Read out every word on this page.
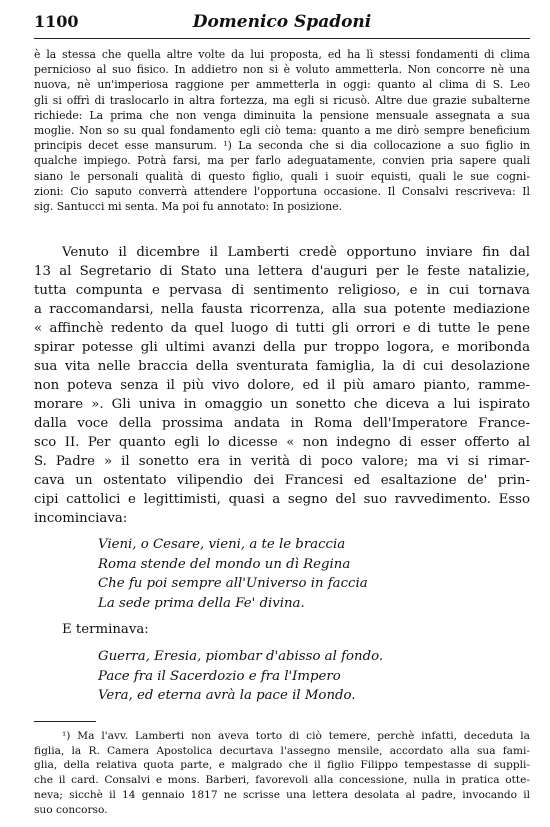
1100	Domenico Spadoni
è la stessa che quella altre volte da lui proposta, ed ha lì stessi fondamenti di clima
pernicioso al suo fisico. In addietro non si è voluto ammetterla. Non concorre nè una
nuova, nè un'imperiosa raggione per ammetterla in oggi: quanto al clima di S. Leo
gli si offrì di traslocarlo in altra fortezza, ma egli si ricusò. Altre due grazie subalterne
richiede: La prima che non venga diminuita la pensione mensuale assegnata a sua
moglie. Non so su qual fondamento egli ciò tema: quanto a me dirò sempre beneficium
principis decet esse mansurum. ¹) La seconda che si dia collocazione a suo figlio in
qualche impiego. Potrà farsi, ma per farlo adeguatamente, convien pria sapere quali
siano le personali qualità di questo figlio, quali i suoir equisti, quali le sue cogni-
zioni: Cio saputo converrà attendere l'opportuna occasione. Il Consalvi rescriveva: Il
sig. Santucci mi senta. Ma poi fu annotato: In posizione.
Venuto il dicembre il Lamberti credè opportuno inviare fin dal
13 al Segretario di Stato una lettera d'auguri per le feste natalizie,
tutta compunta e pervasa di sentimento religioso, e in cui tornava
a raccomandarsi, nella fausta ricorrenza, alla sua potente mediazione
« affinchè redento da quel luogo di tutti gli orrori e di tutte le pene
spirar potesse gli ultimi avanzi della pur troppo logora, e moribonda
sua vita nelle braccia della sventurata famiglia, la di cui desolazione
non poteva senza il più vivo dolore, ed il più amaro pianto, ramme-
morare ». Gli univa in omaggio un sonetto che diceva a lui ispirato
dalla voce della prossima andata in Roma dell'Imperatore France-
sco II. Per quanto egli lo dicesse « non indegno di esser offerto al
S. Padre » il sonetto era in verità di poco valore; ma vi si rimar-
cava un ostentato vilipendio dei Francesi ed esaltazione de' prin-
cipi cattolici e legittimisti, quasi a segno del suo ravvedimento. Esso
incominciava:
Vieni, o Cesare, vieni, a te le braccia
Roma stende del mondo un dì Regina
Che fu poi sempre all'Universo in faccia
La sede prima della Fe' divina.
E terminava:
Guerra, Eresia, piombar d'abisso al fondo.
Pace fra il Sacerdozio e fra l'Impero
Vera, ed eterna avrà la pace il Mondo.
¹) Ma l'avv. Lamberti non aveva torto di ciò temere, perchè infatti, deceduta la
figlia, la R. Camera Apostolica decurtava l'assegno mensile, accordato alla sua fami-
glia, della relativa quota parte, e malgrado che il figlio Filippo tempestasse di suppli-
che il card. Consalvi e mons. Barberi, favorevoli alla concessione, nulla in pratica otte-
neva; sicchè il 14 gennaio 1817 ne scrisse una lettera desolata al padre, invocando il
suo concorso.
